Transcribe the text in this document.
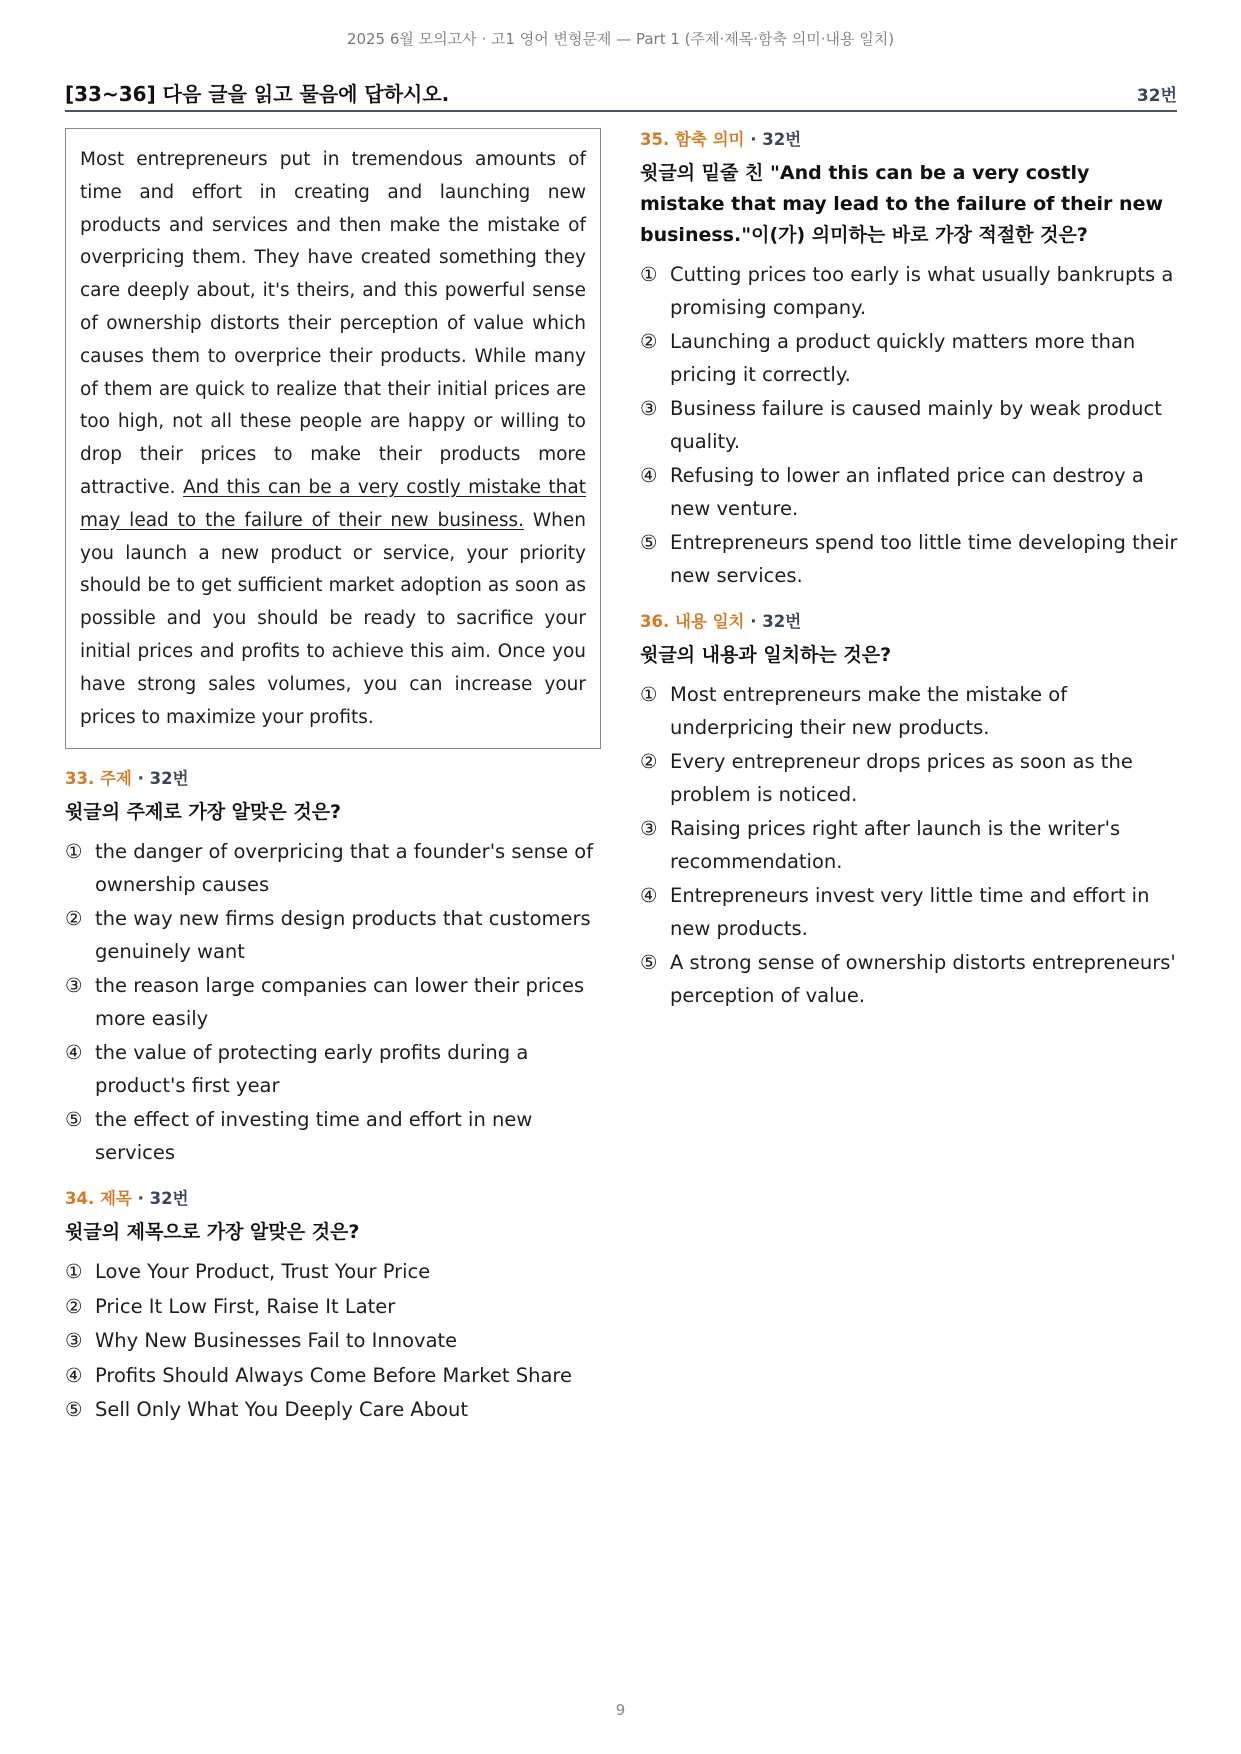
2025 6월 모의고사 · 고1 영어 변형문제 — Part 1 (주제·제목·함축 의미·내용 일치)
[33~36] 다음 글을 읽고 물음에 답하시오.	32번
Most entrepreneurs put in tremendous amounts of time and effort in creating and launching new products and services and then make the mistake of overpricing them. They have created something they care deeply about, it's theirs, and this powerful sense of ownership distorts their perception of value which causes them to overprice their products. While many of them are quick to realize that their initial prices are too high, not all these people are happy or willing to drop their prices to make their products more attractive. And this can be a very costly mistake that may lead to the failure of their new business. When you launch a new product or service, your priority should be to get sufficient market adoption as soon as possible and you should be ready to sacrifice your initial prices and profits to achieve this aim. Once you have strong sales volumes, you can increase your prices to maximize your profits.
33. 주제 · 32번
윗글의 주제로 가장 알맞은 것은?
① the danger of overpricing that a founder's sense of ownership causes
② the way new firms design products that customers genuinely want
③ the reason large companies can lower their prices more easily
④ the value of protecting early profits during a product's first year
⑤ the effect of investing time and effort in new services
34. 제목 · 32번
윗글의 제목으로 가장 알맞은 것은?
① Love Your Product, Trust Your Price
② Price It Low First, Raise It Later
③ Why New Businesses Fail to Innovate
④ Profits Should Always Come Before Market Share
⑤ Sell Only What You Deeply Care About
35. 함축 의미 · 32번
윗글의 밑줄 친 "And this can be a very costly mistake that may lead to the failure of their new business."이(가) 의미하는 바로 가장 적절한 것은?
① Cutting prices too early is what usually bankrupts a promising company.
② Launching a product quickly matters more than pricing it correctly.
③ Business failure is caused mainly by weak product quality.
④ Refusing to lower an inflated price can destroy a new venture.
⑤ Entrepreneurs spend too little time developing their new services.
36. 내용 일치 · 32번
윗글의 내용과 일치하는 것은?
① Most entrepreneurs make the mistake of underpricing their new products.
② Every entrepreneur drops prices as soon as the problem is noticed.
③ Raising prices right after launch is the writer's recommendation.
④ Entrepreneurs invest very little time and effort in new products.
⑤ A strong sense of ownership distorts entrepreneurs' perception of value.
9
